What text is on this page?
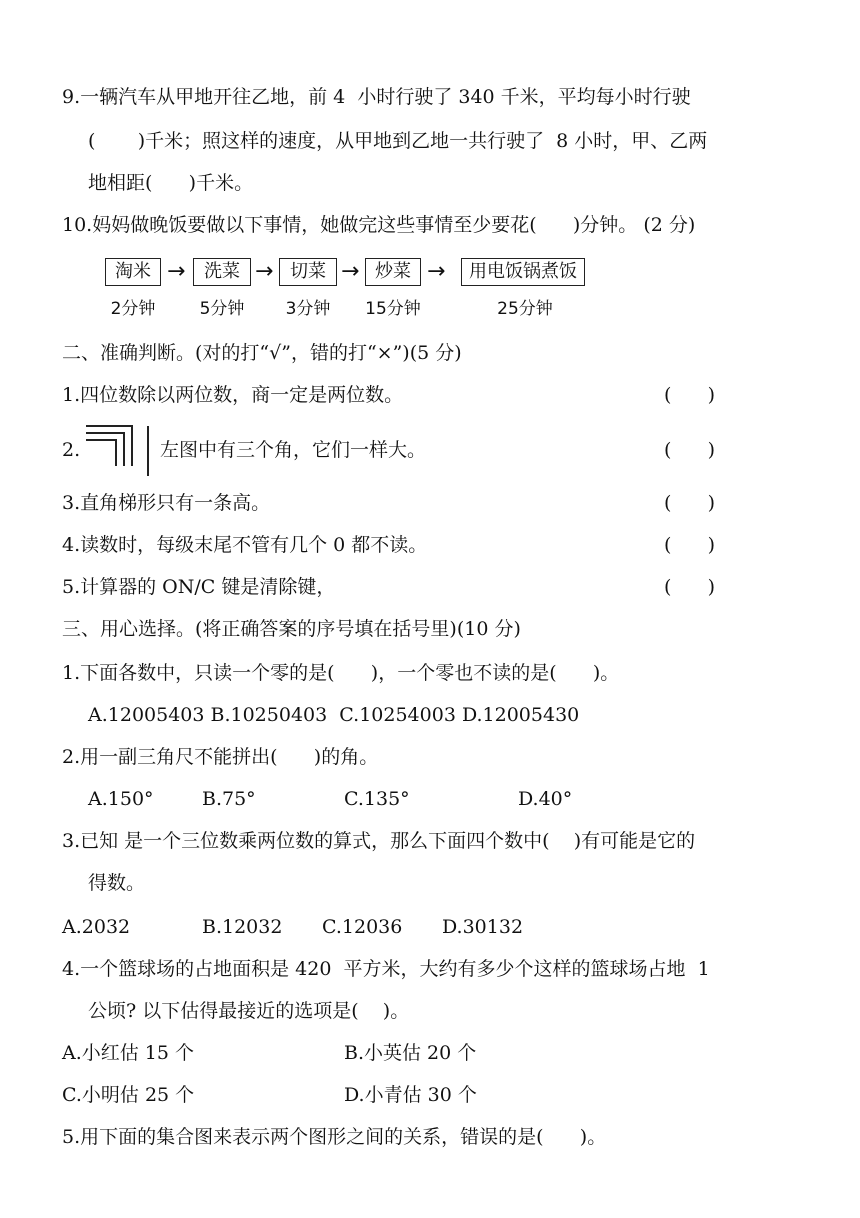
9.一辆汽车从甲地开往乙地，前 4  小时行驶了 340 千米，平均每小时行驶
(       )千米；照这样的速度，从甲地到乙地一共行驶了  8 小时，甲、乙两
地相距(      )千米。
10.妈妈做晚饭要做以下事情，她做完这些事情至少要花(      )分钟。 (2 分)
淘米 →	洗菜 → 切菜 → 炒菜 →	用电饭锅煮饭
2分钟	5分钟	3分钟	15分钟	25分钟
二、准确判断。(对的打“√”，错的打“×”)(5 分)
1.四位数除以两位数，商一定是两位数。	(      )
2.	左图中有三个角，它们一样大。	(      )
3.直角梯形只有一条高。	(      )
4.读数时，每级末尾不管有几个 0 都不读。	(      )
5.计算器的 ON/C 键是清除键，	(      )
三、用心选择。(将正确答案的序号填在括号里)(10 分)
1.下面各数中，只读一个零的是(      )，一个零也不读的是(      )。
A.12005403 B.10250403  C.10254003 D.12005430
2.用一副三角尺不能拼出(      )的角。
A.150°	B.75°	C.135°	D.40°
3.已知 是一个三位数乘两位数的算式，那么下面四个数中(    )有可能是它的
得数。
A.2032	B.12032 C.12036 D.30132
4.一个篮球场的占地面积是 420  平方米，大约有多少个这样的篮球场占地  1
公顷? 以下估得最接近的选项是(    )。
A.小红估 15 个	B.小英估 20 个
C.小明估 25 个	D.小青估 30 个
5.用下面的集合图来表示两个图形之间的关系，错误的是(      )。
